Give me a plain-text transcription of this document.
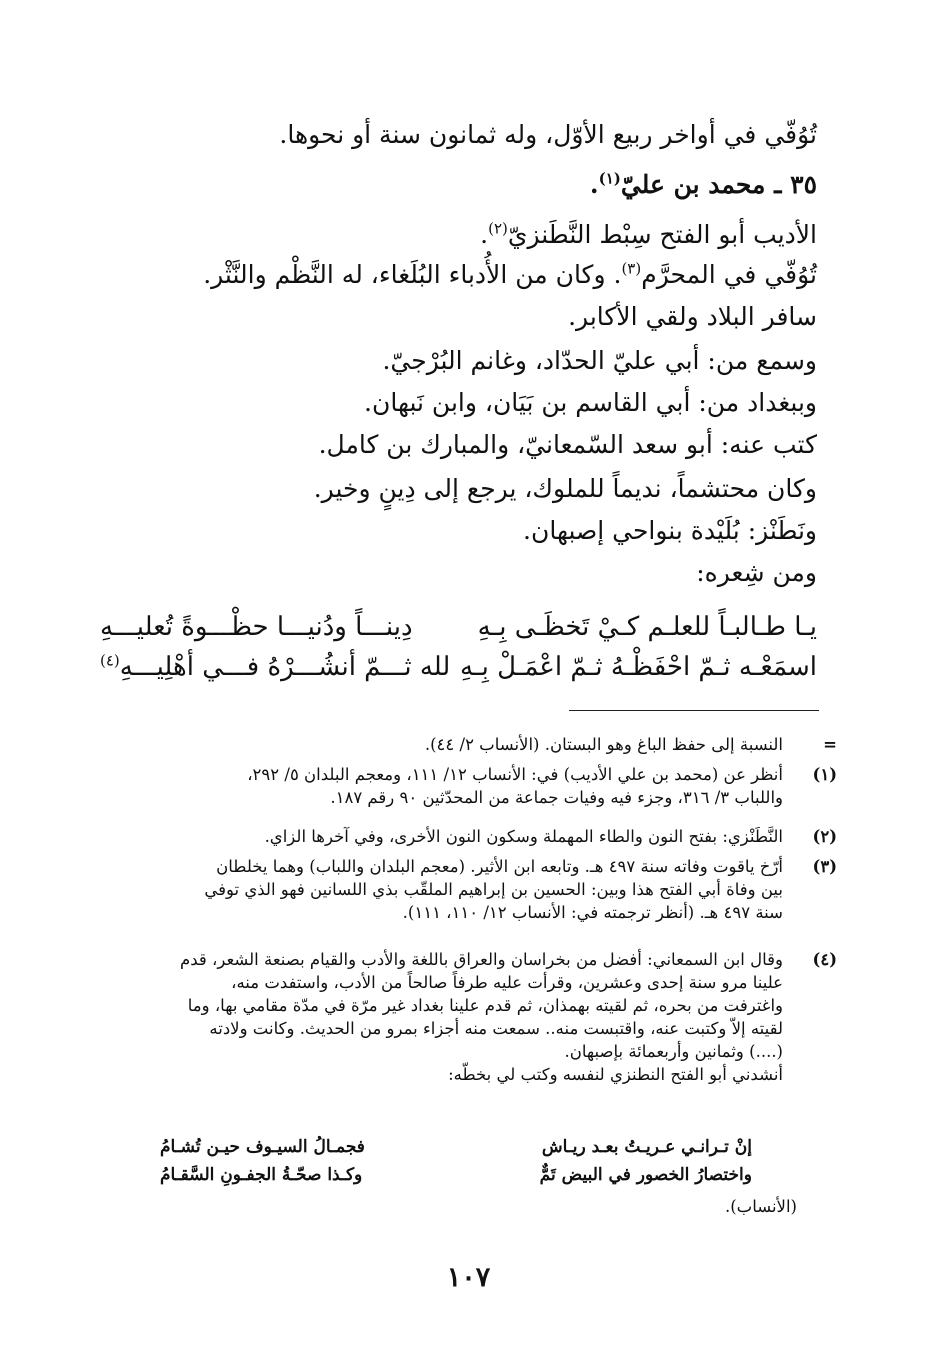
تُوُفّي في أواخر ربيع الأوّل، وله ثمانون سنة أو نحوها.
٣٥ ـ محمد بن عليّ$^{(١)}$.
الأديب أبو الفتح سِبْط النَّطَنزيّ$^{(٢)}$.
تُوُفّي في المحرَّم$^{(٣)}$. وكان من الأُدباء البُلَغاء، له النَّظْم والنَّثْر.
سافر البلاد ولقي الأكابر.
وسمع من: أبي عليّ الحدّاد، وغانم البُرْجيّ.
وببغداد من: أبي القاسم بن بَيَان، وابن نَبهان.
كتب عنه: أبو سعد السّمعانيّ، والمبارك بن كامل.
وكان محتشماً، نديماً للملوك، يرجع إلى دِينٍ وخير.
ونَطَنْز: بُلَيْدة بنواحي إصبهان.
ومن شِعره:
يـا طـالبـاً للعلـم كـيْ تَخظَـى بِـهِ
دِينـــاً ودُنيـــا حظْـــوةً تُعليـــهِ
اسمَعْـه ثـمّ احْفَظْـهُ ثـمّ اعْمَـلْ بِـهِ
لله ثـــمّ أنشُـــرْهُ فـــي أهْلِيـــهِ$^{(٤)}$
=
النسبة إلى حفظ الباغ وهو البستان. (الأنساب ٢/ ٤٤).
(١)
أنظر عن (محمد بن علي الأديب) في: الأنساب ١٢/ ١١١، ومعجم البلدان ٥/ ٢٩٢،
واللباب ٣/ ٣١٦، وجزء فيه وفيات جماعة من المحدّثين ٩٠ رقم ١٨٧.
(٢)
النَّطَنْزي: بفتح النون والطاء المهملة وسكون النون الأخرى، وفي آخرها الزاي.
(٣)
أرّخ ياقوت وفاته سنة ٤٩٧ هـ. وتابعه ابن الأثير. (معجم البلدان واللباب) وهما يخلطان
بين وفاة أبي الفتح هذا وبين: الحسين بن إبراهيم الملقّب بذي اللسانين فهو الذي توفي
سنة ٤٩٧ هـ. (أنظر ترجمته في: الأنساب ١٢/ ١١٠، ١١١).
(٤)
وقال ابن السمعاني: أفضل من بخراسان والعراق باللغة والأدب والقيام بصنعة الشعر، قدم
علينا مرو سنة إحدى وعشرين، وقرأت عليه طرفاً صالحاً من الأدب، واستفدت منه،
واغترفت من بحره، ثم لقيته بهمذان، ثم قدم علينا بغداد غير مرّة في مدّة مقامي بها، وما
لقيته إلاّ وكتبت عنه، واقتبست منه.. سمعت منه أجزاء بمرو من الحديث. وكانت ولادته
(....) وثمانين وأربعمائة بإصبهان.
أنشدني أبو الفتح النطنزي لنفسه وكتب لي بخطّه:
إنْ تـرانـي عـريـتُ بعـد ريـاش
فجمـالُ السيـوف حيـن تُشـامُ
واختصارُ الخصور في البيض تَمٌّ
وكـذا صحّـةُ الجفـونِ السَّقـامُ
(الأنساب).
١٠٧
